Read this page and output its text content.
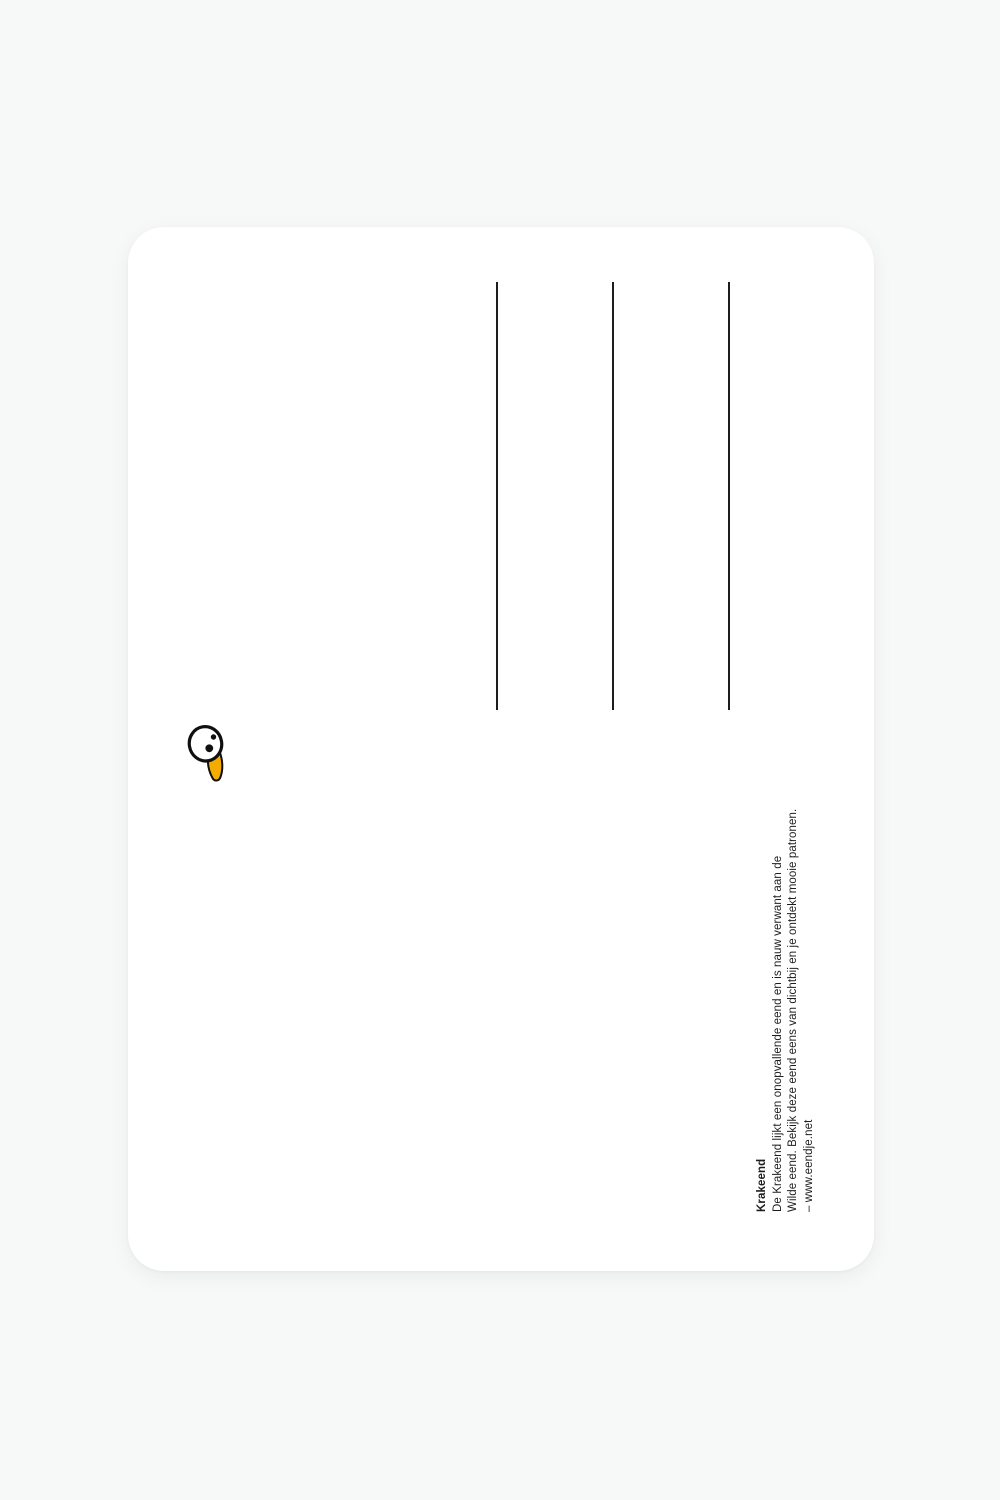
Krakeend De Krakeend lijkt een onopvallende eend en is nauw verwant aan de Wilde eend. Bekijk deze eend eens van dichtbij en je ontdekt mooie patronen. – www.eendje.net
